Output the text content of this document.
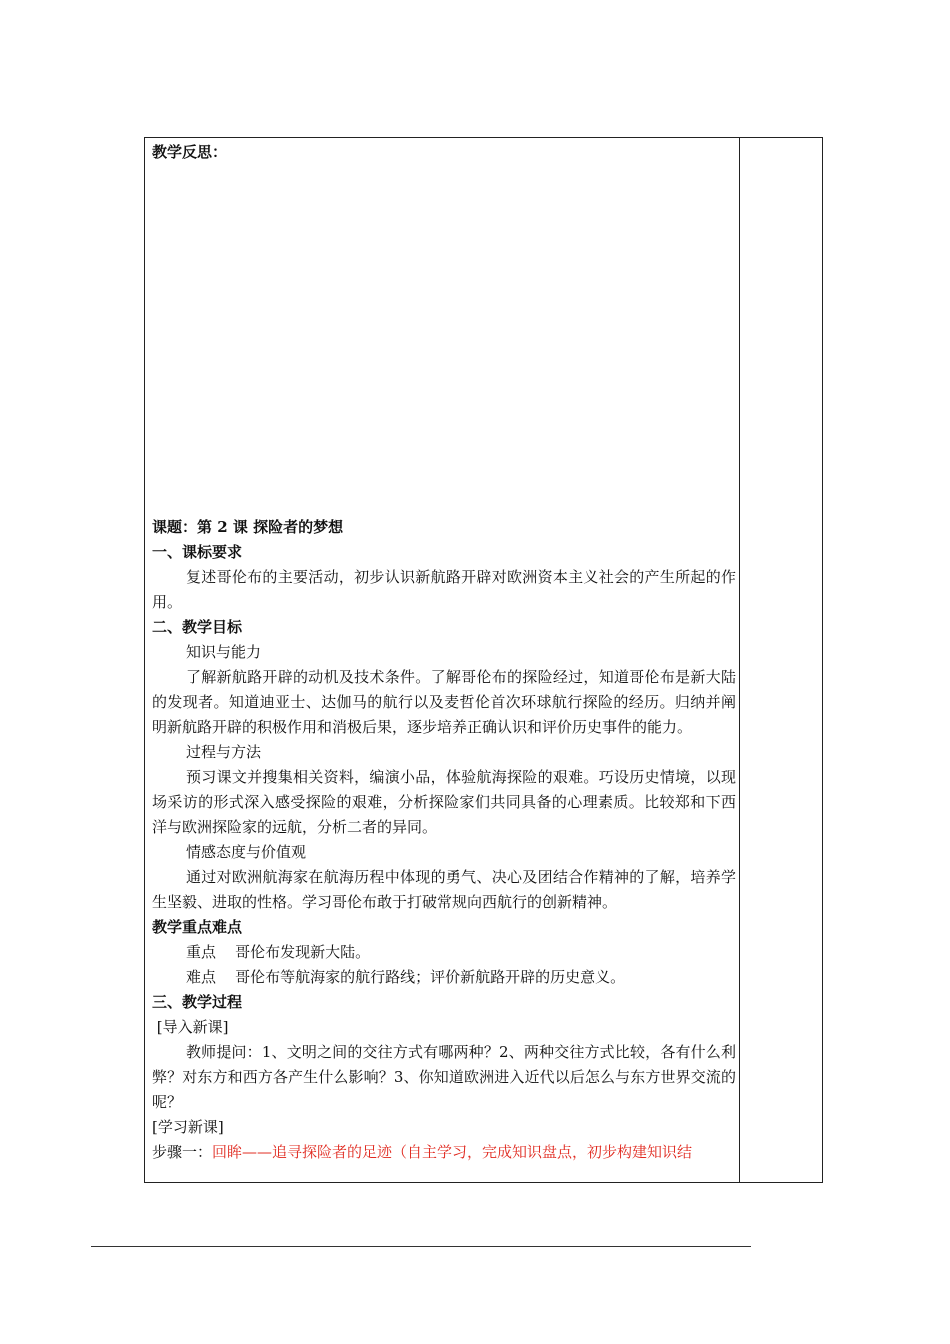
教学反思：
课题：第 2 课 探险者的梦想
一、课标要求
复述哥伦布的主要活动，初步认识新航路开辟对欧洲资本主义社会的产生所起的作用。
二、教学目标
知识与能力
了解新航路开辟的动机及技术条件。了解哥伦布的探险经过，知道哥伦布是新大陆的发现者。知道迪亚士、达伽马的航行以及麦哲伦首次环球航行探险的经历。归纳并阐明新航路开辟的积极作用和消极后果，逐步培养正确认识和评价历史事件的能力。
过程与方法
预习课文并搜集相关资料，编演小品，体验航海探险的艰难。巧设历史情境，以现场采访的形式深入感受探险的艰难，分析探险家们共同具备的心理素质。比较郑和下西洋与欧洲探险家的远航，分析二者的异同。
情感态度与价值观
通过对欧洲航海家在航海历程中体现的勇气、决心及团结合作精神的了解，培养学生坚毅、进取的性格。学习哥伦布敢于打破常规向西航行的创新精神。
教学重点难点
重点    哥伦布发现新大陆。
难点    哥伦布等航海家的航行路线；评价新航路开辟的历史意义。
三、教学过程
[导入新课]
教师提问：1、文明之间的交往方式有哪两种？2、两种交往方式比较，各有什么利弊？对东方和西方各产生什么影响？3、你知道欧洲进入近代以后怎么与东方世界交流的呢？
[学习新课]
步骤一：回眸——追寻探险者的足迹（自主学习，完成知识盘点，初步构建知识结
